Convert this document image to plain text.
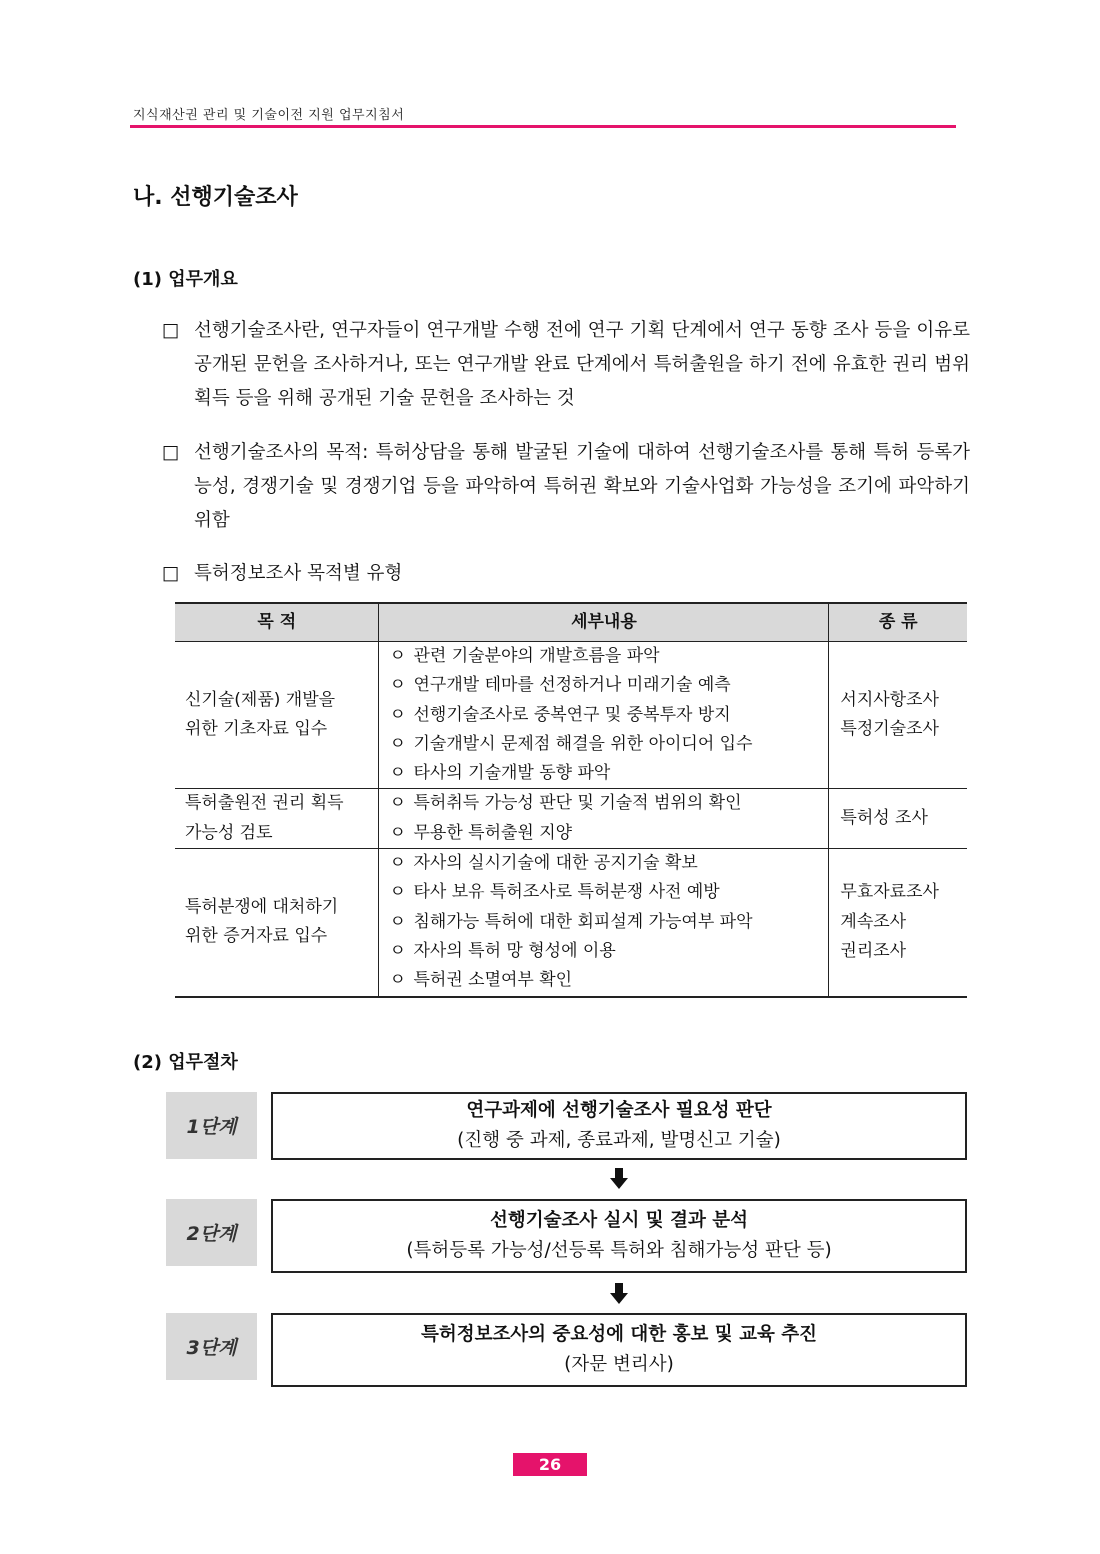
지식재산권 관리 및 기술이전 지원 업무지침서
나. 선행기술조사
(1) 업무개요
□ 선행기술조사란, 연구자들이 연구개발 수행 전에 연구 기획 단계에서 연구 동향 조사 등을 이유로 공개된 문헌을 조사하거나, 또는 연구개발 완료 단계에서 특허출원을 하기 전에 유효한 권리 범위 획득 등을 위해 공개된 기술 문헌을 조사하는 것
□ 선행기술조사의 목적: 특허상담을 통해 발굴된 기술에 대하여 선행기술조사를 통해 특허 등록가능성, 경쟁기술 및 경쟁기업 등을 파악하여 특허권 확보와 기술사업화 가능성을 조기에 파악하기 위함
□ 특허정보조사 목적별 유형
목 적	세부내용	종 류

신기술(제품) 개발을
위한 기초자료 입수	ㅇ 관련 기술분야의 개발흐름을 파악
ㅇ 연구개발 테마를 선정하거나 미래기술 예측
ㅇ 선행기술조사로 중복연구 및 중복투자 방지
ㅇ 기술개발시 문제점 해결을 위한 아이디어 입수
ㅇ 타사의 기술개발 동향 파악	서지사항조사
특정기술조사

특허출원전 권리 획득
가능성 검토	ㅇ 특허취득 가능성 판단 및 기술적 범위의 확인
ㅇ 무용한 특허출원 지양	특허성 조사

특허분쟁에 대처하기
위한 증거자료 입수	ㅇ 자사의 실시기술에 대한 공지기술 확보
ㅇ 타사 보유 특허조사로 특허분쟁 사전 예방
ㅇ 침해가능 특허에 대한 회피설계 가능여부 파악
ㅇ 자사의 특허 망 형성에 이용
ㅇ 특허권 소멸여부 확인	무효자료조사
계속조사
권리조사
(2) 업무절차
1단계
연구과제에 선행기술조사 필요성 판단
(진행 중 과제, 종료과제, 발명신고 기술)
2단계
선행기술조사 실시 및 결과 분석
(특허등록 가능성/선등록 특허와 침해가능성 판단 등)
3단계
특허정보조사의 중요성에 대한 홍보 및 교육 추진
(자문 변리사)
26
